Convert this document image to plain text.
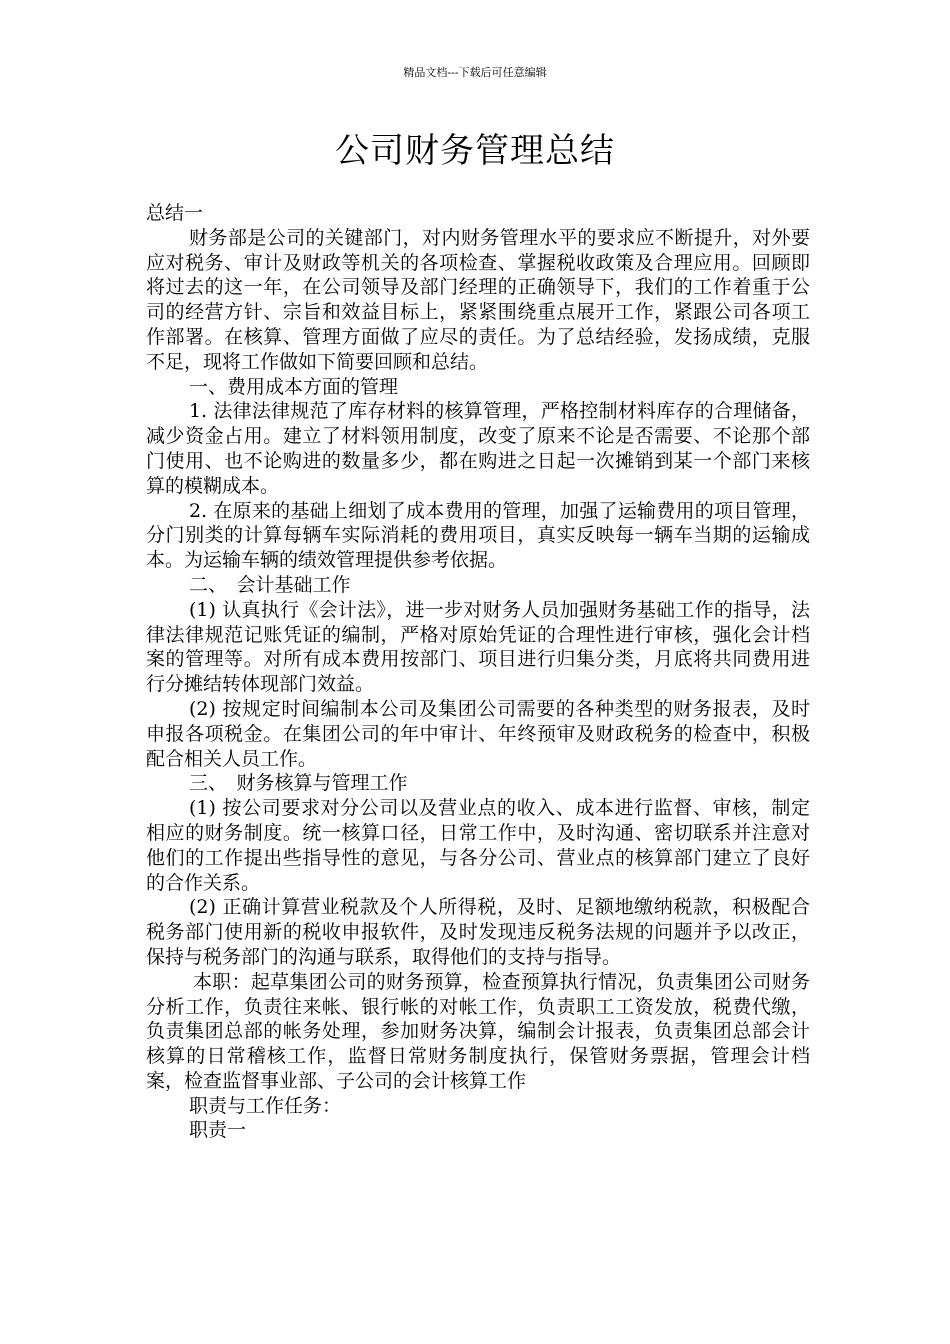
精品文档---下载后可任意编辑
公司财务管理总结

总结一

财务部是公司的关键部门，对内财务管理水平的要求应不断提升，对外要应对税务、审计及财政等机关的各项检查、掌握税收政策及合理应用。回顾即将过去的这一年，在公司领导及部门经理的正确领导下，我们的工作着重于公司的经营方针、宗旨和效益目标上，紧紧围绕重点展开工作，紧跟公司各项工作部署。在核算、管理方面做了应尽的责任。为了总结经验，发扬成绩，克服不足，现将工作做如下简要回顾和总结。

一、费用成本方面的管理

1. 法律法律规范了库存材料的核算管理，严格控制材料库存的合理储备，减少资金占用。建立了材料领用制度，改变了原来不论是否需要、不论那个部门使用、也不论购进的数量多少，都在购进之日起一次摊销到某一个部门来核算的模糊成本。

2. 在原来的基础上细划了成本费用的管理，加强了运输费用的项目管理，分门别类的计算每辆车实际消耗的费用项目，真实反映每一辆车当期的运输成本。为运输车辆的绩效管理提供参考依据。

二、　会计基础工作

(1) 认真执行《会计法》，进一步对财务人员加强财务基础工作的指导，法律法律规范记账凭证的编制，严格对原始凭证的合理性进行审核，强化会计档案的管理等。对所有成本费用按部门、项目进行归集分类，月底将共同费用进行分摊结转体现部门效益。

(2) 按规定时间编制本公司及集团公司需要的各种类型的财务报表，及时申报各项税金。在集团公司的年中审计、年终预审及财政税务的检查中，积极配合相关人员工作。

三、　财务核算与管理工作

(1) 按公司要求对分公司以及营业点的收入、成本进行监督、审核，制定相应的财务制度。统一核算口径，日常工作中，及时沟通、密切联系并注意对他们的工作提出些指导性的意见，与各分公司、营业点的核算部门建立了良好的合作关系。

(2) 正确计算营业税款及个人所得税，及时、足额地缴纳税款，积极配合税务部门使用新的税收申报软件，及时发现违反税务法规的问题并予以改正，保持与税务部门的沟通与联系，取得他们的支持与指导。

本职：起草集团公司的财务预算，检查预算执行情况，负责集团公司财务分析工作，负责往来帐、银行帐的对帐工作，负责职工工资发放，税费代缴，负责集团总部的帐务处理，参加财务决算，编制会计报表，负责集团总部会计核算的日常稽核工作，监督日常财务制度执行，保管财务票据，管理会计档案，检查监督事业部、子公司的会计核算工作

职责与工作任务：

职责一
